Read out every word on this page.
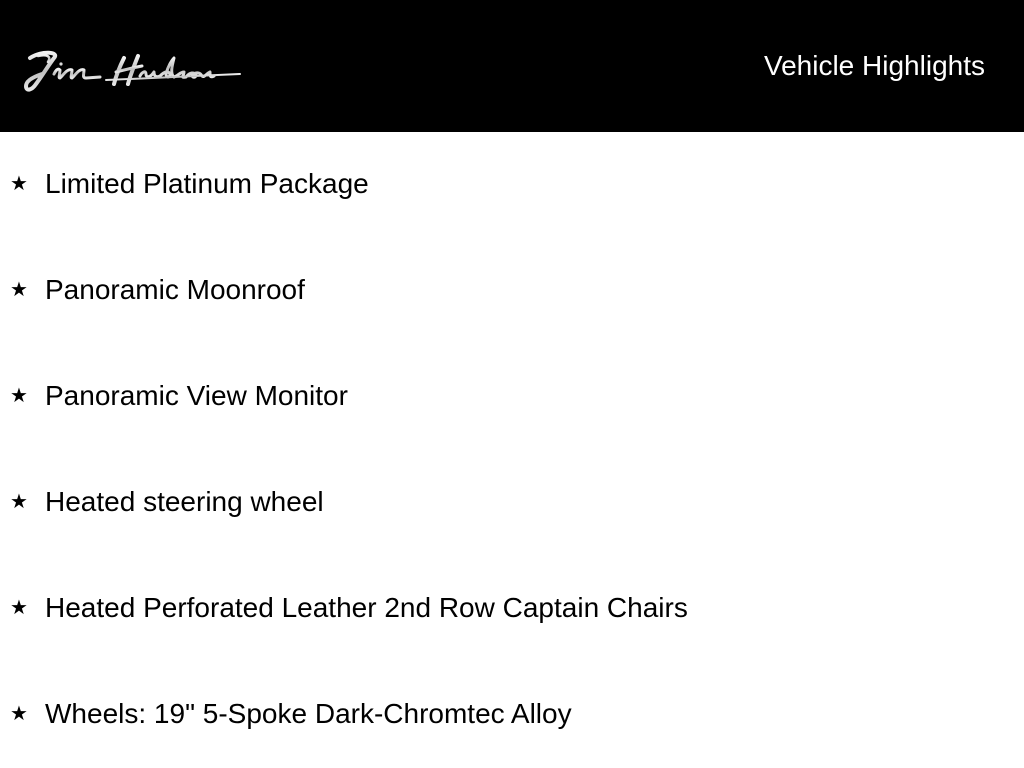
Vehicle Highlights
★ Limited Platinum Package
★ Panoramic Moonroof
★ Panoramic View Monitor
★ Heated steering wheel
★ Heated Perforated Leather 2nd Row Captain Chairs
★ Wheels: 19" 5-Spoke Dark-Chromtec Alloy
